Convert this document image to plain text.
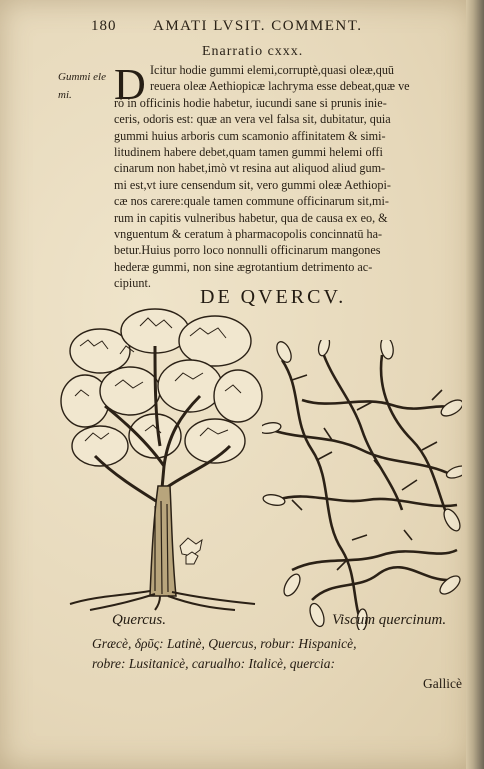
180 AMATI LVSIT. COMMENT.
Enarratio cxxx.
Gummi ele
mi. D Icitur hodie gummi elemi,corruptè,quasi oleæ,quū
reuera oleæ Aethiopicæ lachryma esse debeat,quæ ve
rò in officinis hodie habetur, iucundi sane si prunis inie-
ceris, odoris est: quæ an vera vel falsa sit, dubitatur, quia
gummi huius arboris cum scamonio affinitatem & simi-
litudinem habere debet,quam tamen gummi helemi offi
cinarum non habet,imò vt resina aut aliquod aliud gum-
mi est,vt iure censendum sit, vero gummi oleæ Aethiopi-
cæ nos carere:quale tamen commune officinarum sit,mi-
rum in capitis vulneribus habetur, qua de causa ex eo, &
vnguentum & ceratum à pharmacopolis concinnatū ha-
betur.Huius porro loco nonnulli officinarum mangones
hederæ gummi, non sine ægrotantium detrimento ac-
cipiunt.
DE QVERCV.
Quercus.	Viscum quercinum.
Græcè, δρῦς: Latinè, Quercus, robur: Hispanicè,
robre: Lusitanicè, carualho: Italicè, quercia:
Gallicè
